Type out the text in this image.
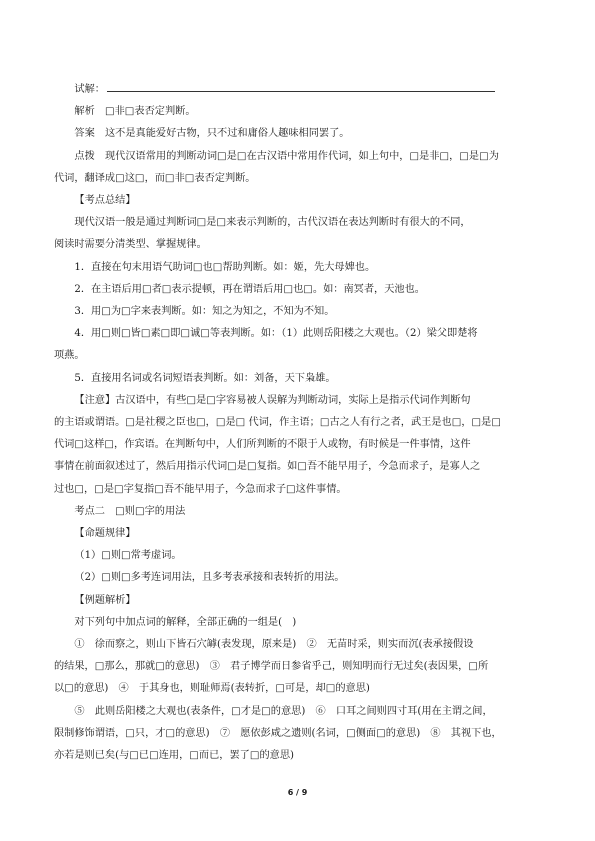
试解：

解析　□非□表否定判断。

答案　这不是真能爱好古物，只不过和庸俗人趣味相同罢了。

点拨　现代汉语常用的判断动词□是□在古汉语中常用作代词，如上句中，□是非□，□是□为

代词，翻译成□这□，而□非□表否定判断。

【考点总结】

现代汉语一般是通过判断词□是□来表示判断的，古代汉语在表达判断时有很大的不同，

阅读时需要分清类型、掌握规律。

1．直接在句末用语气助词□也□帮助判断。如：姬，先大母婢也。

2．在主语后用□者□表示提顿，再在谓语后用□也□。如：南冥者，天池也。

3．用□为□字来表判断。如：知之为知之，不知为不知。

4．用□则□皆□素□即□诚□等表判断。如：（1）此则岳阳楼之大观也。（2）梁父即楚将

项燕。

5．直接用名词或名词短语表判断。如：刘备，天下枭雄。

【注意】古汉语中，有些□是□字容易被人误解为判断动词，实际上是指示代词作判断句

的主语或谓语。□是社稷之臣也□，□是□ 代词，作主语；□古之人有行之者，武王是也□，□是□

代词□这样□，作宾语。在判断句中，人们所判断的不限于人或物，有时候是一件事情，这件

事情在前面叙述过了，然后用指示代词□是□复指。如□吾不能早用子，今急而求子，是寡人之

过也□，□是□字复指□吾不能早用子，今急而求子□这件事情。

考点二　□则□字的用法

【命题规律】

（1）□则□常考虚词。

（2）□则□多考连词用法，且多考表承接和表转折的用法。

【例题解析】

对下列句中加点词的解释，全部正确的一组是(　)

①　徐而察之，则山下皆石穴罅(表发现，原来是)　②　无苗时采，则实而沉(表承接假设

的结果，□那么，那就□的意思)　③　君子博学而日参省乎己，则知明而行无过矣(表因果，□所

以□的意思)　④　于其身也，则耻师焉(表转折，□可是，却□的意思)

⑤　此则岳阳楼之大观也(表条件，□才是□的意思)　⑥　口耳之间则四寸耳(用在主谓之间，

限制修饰谓语，□只，才□的意思)　⑦　愿依彭咸之遗则(名词，□侧面□的意思)　⑧　其视下也，

亦若是则已矣(与□已□连用，□而已，罢了□的意思)

6 / 9
